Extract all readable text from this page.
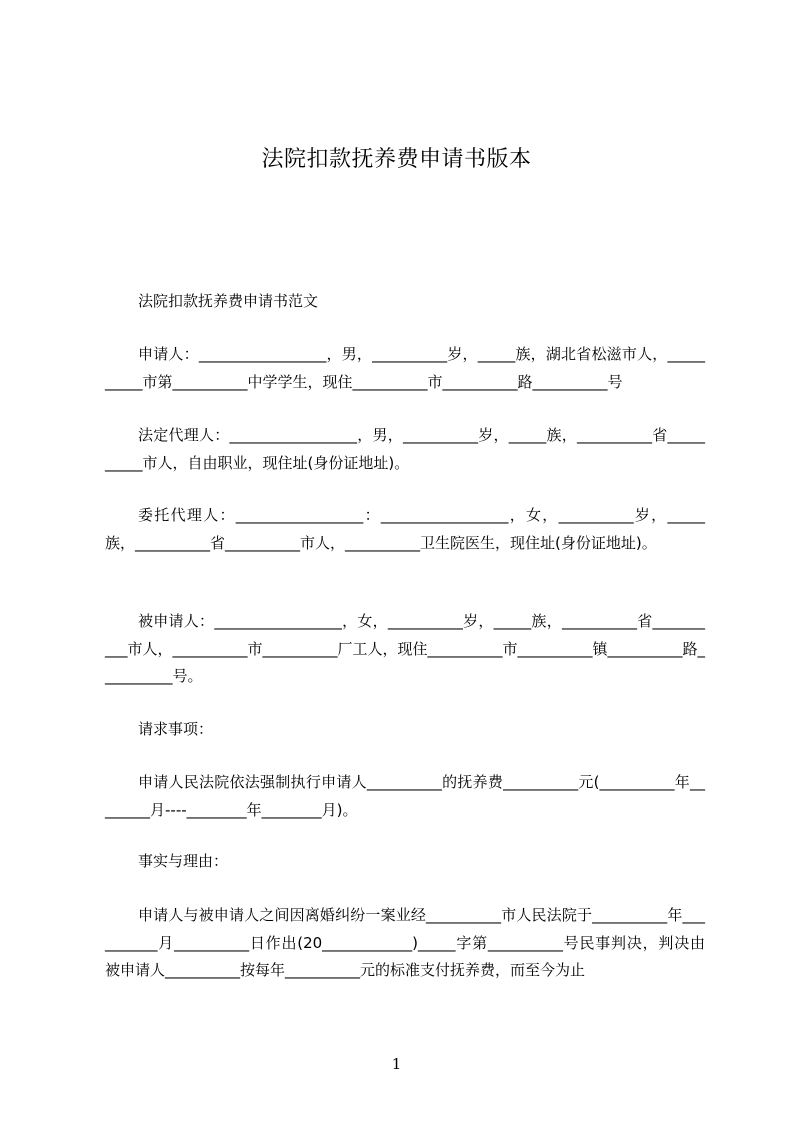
法院扣款抚养费申请书版本
法院扣款抚养费申请书范文
申请人：_________________，男，__________岁，_____族，湖北省松滋市人，__________市第__________中学学生，现住__________市__________路__________号
法定代理人：_________________，男，__________岁，_____族，__________省__________市人，自由职业，现住址(身份证地址)。
委托代理人：_________________：_________________，女，__________岁，_____族，__________省__________市人，__________卫生院医生，现住址(身份证地址)。
被申请人：_________________，女，__________岁，_____族，__________省__________市人，__________市__________厂工人，现住__________市__________镇__________路__________号。
请求事项：
申请人民法院依法强制执行申请人__________的抚养费__________元(__________年________月----________年________月)。
事实与理由：
申请人与被申请人之间因离婚纠纷一案业经__________市人民法院于__________年__________月__________日作出(20____________)_____字第__________号民事判决，判决由被申请人__________按每年__________元的标准支付抚养费，而至今为止
1
